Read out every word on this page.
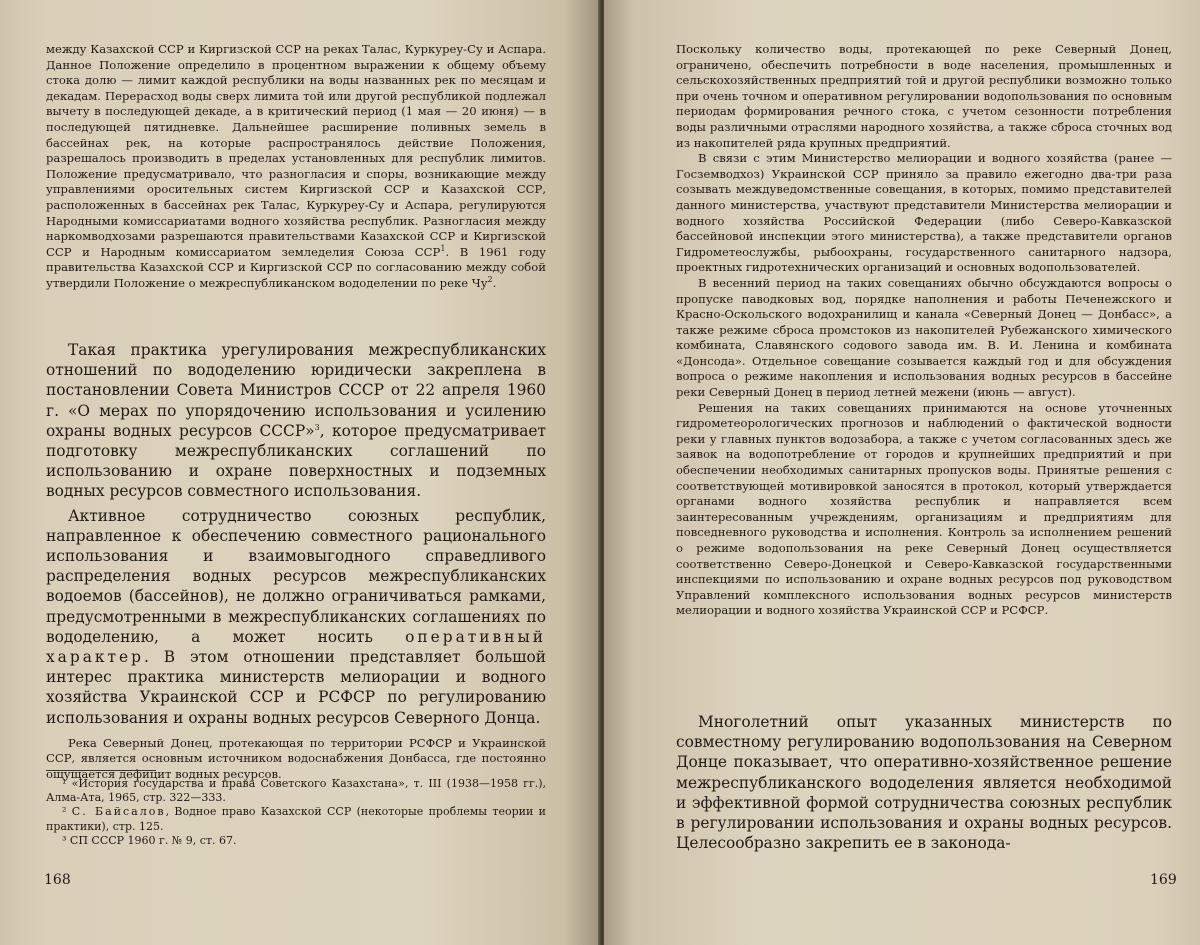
между Казахской ССР и Киргизской ССР на реках Талас, Куркуреу-Су и Аспара. Данное Положение определило в процентном выражении к общему объему стока долю — лимит каждой республики на воды названных рек по месяцам и декадам. Перерасход воды сверх лимита той или другой республикой подлежал вычету в последующей декаде, а в критический период (1 мая — 20 июня) — в последующей пятидневке. Дальнейшее расширение поливных земель в бассейнах рек, на которые распространялось действие Положения, разрешалось производить в пределах установленных для республик лимитов. Положение предусматривало, что разногласия и споры, возникающие между управлениями оросительных систем Киргизской ССР и Казахской ССР, расположенных в бассейнах рек Талас, Куркуреу-Су и Аспара, регулируются Народными комиссариатами водного хозяйства республик. Разногласия между наркомводхозами разрешаются правительствами Казахской ССР и Киргизской ССР и Народным комиссариатом земледелия Союза ССР$^1$. В 1961 году правительства Казахской ССР и Киргизской ССР по согласованию между собой утвердили Положение о межреспубликанском вододелении по реке $Чу^2$.

Такая практика урегулирования межреспубликанских отношений по вододелению юридически закреплена в постановлении Совета Министров СССР от 22 апреля 1960 г. «О мерах по упорядочению использования и усилению охраны водных ресурсов СССР»$^3$, которое предусматривает подготовку межреспубликанских соглашений по использованию и охране поверхностных и подземных водных ресурсов совместного использования.

Активное сотрудничество союзных республик, направленное к обеспечению совместного рационального использования и взаимовыгодного справедливого распределения водных ресурсов межреспубликанских водоемов (бассейнов), не должно ограничиваться рамками, предусмотренными в межреспубликанских соглашениях по вододелению, а может носить оперативный характер. В этом отношении представляет большой интерес практика министерств мелиорации и водного хозяйства Украинской ССР и РСФСР по регулированию использования и охраны водных ресурсов Северного Донца.

Река Северный Донец, протекающая по территории РСФСР и Украинской ССР, является основным источником водоснабжения Донбасса, где постоянно ощущается дефицит водных ресурсов.

¹ «История государства и права Советского Казахстана», т. III (1938—1958 гг.), Алма-Ата, 1965, стр. 322—333.

² С. Байсалов, Водное право Казахской ССР (некоторые проблемы теории и практики), стр. 125.

³ СП СССР 1960 г. № 9, ст. 67.

168

Поскольку количество воды, протекающей по реке Северный Донец, ограничено, обеспечить потребности в воде населения, промышленных и сельскохозяйственных предприятий той и другой республики возможно только при очень точном и оперативном регулировании водопользования по основным периодам формирования речного стока, с учетом сезонности потребления воды различными отраслями народного хозяйства, а также сброса сточных вод из накопителей ряда крупных предприятий.

В связи с этим Министерство мелиорации и водного хозяйства (ранее — Госземводхоз) Украинской ССР приняло за правило ежегодно два-три раза созывать междуведомственные совещания, в которых, помимо представителей данного министерства, участвуют представители Министерства мелиорации и водного хозяйства Российской Федерации (либо Северо-Кавказской бассейновой инспекции этого министерства), а также представители органов Гидрометеослужбы, рыбоохраны, государственного санитарного надзора, проектных гидротехнических организаций и основных водопользователей.

В весенний период на таких совещаниях обычно обсуждаются вопросы о пропуске паводковых вод, порядке наполнения и работы Печенежского и Красно-Оскольского водохранилищ и канала «Северный Донец — Донбасс», а также режиме сброса промстоков из накопителей Рубежанского химического комбината, Славянского содового завода им. В. И. Ленина и комбината «Донсода». Отдельное совещание созывается каждый год и для обсуждения вопроса о режиме накопления и использования водных ресурсов в бассейне реки Северный Донец в период летней межени (июнь — август).

Решения на таких совещаниях принимаются на основе уточненных гидрометеорологических прогнозов и наблюдений о фактической водности реки у главных пунктов водозабора, а также с учетом согласованных здесь же заявок на водопотребление от городов и крупнейших предприятий и при обеспечении необходимых санитарных пропусков воды. Принятые решения с соответствующей мотивировкой заносятся в протокол, который утверждается органами водного хозяйства республик и направляется всем заинтересованным учреждениям, организациям и предприятиям для повседневного руководства и исполнения. Контроль за исполнением решений о режиме водопользования на реке Северный Донец осуществляется соответственно Северо-Донецкой и Северо-Кавказской государственными инспекциями по использованию и охране водных ресурсов под руководством Управлений комплексного использования водных ресурсов министерств мелиорации и водного хозяйства Украинской ССР и РСФСР.

Многолетний опыт указанных министерств по совместному регулированию водопользования на Северном Донце показывает, что оперативно-хозяйственное решение межреспубликанского вододеления является необходимой и эффективной формой сотрудничества союзных республик в регулировании использования и охраны водных ресурсов. Целесообразно закрепить ее в законода-

169
